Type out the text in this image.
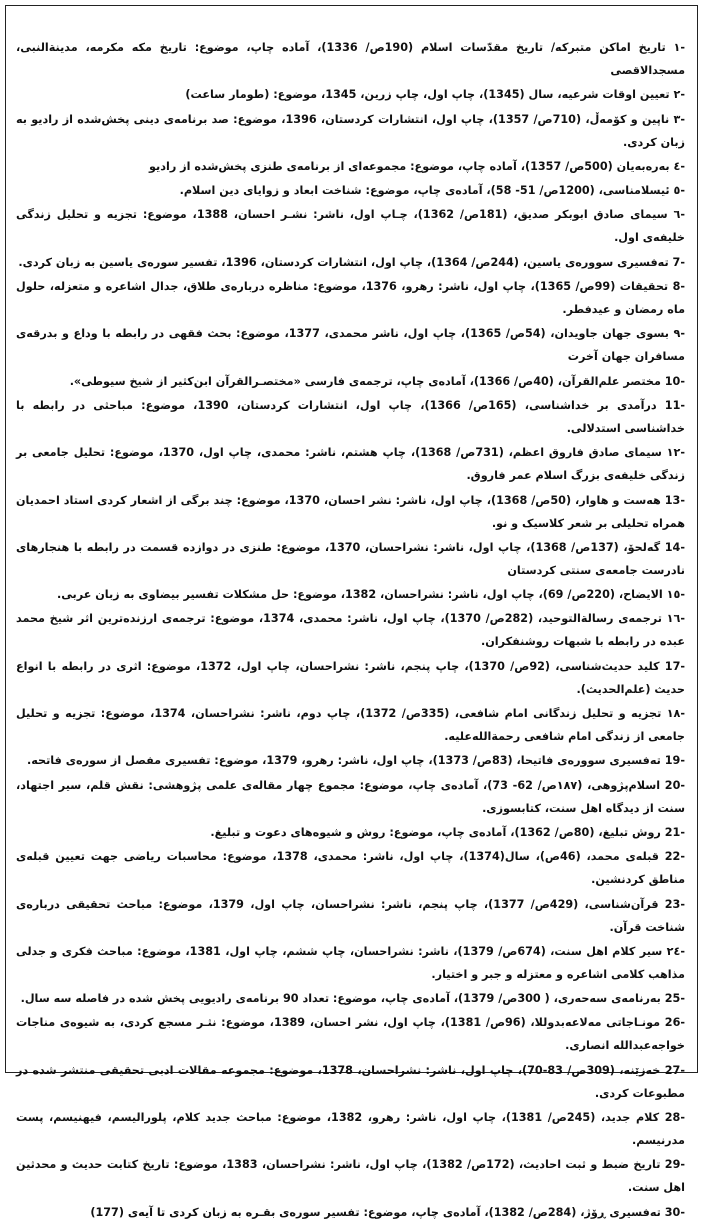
-١ تاریخ اماکن متبرکه/ تاریخ مقدّسات اسلام (190ص/ 1336)، آماده چاپ، موضوع: تاریخ مکه مکرمه، مدینةالنبی، مسجدالاقصی

-٢ تعیین اوقات شرعیه، سال (1345)، چاپ اول، چاپ زرین، 1345، موضوع: (طومار ساعت)

-٣ ناپین و کۆمەڵ، (710ص/ 1357)، چاپ اول، انتشارات کردستان، 1396، موضوع: صد برنامه‌ی دینی پخش‌شده از رادیو به زبان کردی.

-٤ بەرەبەیان (500ص/ 1357)، آماده چاپ، موضوع: مجموعه‌ای از برنامه‌ی طنزی پخش‌شده از رادیو

-٥ ئیسلامناسی، (1200ص/ 51- 58)، آماده‌ی چاپ، موضوع: شناخت ابعاد و زوایای دین اسلام.

-٦ سیمای صادق ابوبکر صدیق، (181ص/ 1362)، چـاپ اول، ناشر: نشـر احسان، 1388، موضوع: تجزیه و تحلیل زندگی خلیفه‌ی اول.

-7 تەفسیری سوورەی یاسین، (244ص/ 1364)، چاپ اول، انتشارات کردستان، 1396، تفسیر سوره‌ی یاسین به زبان کردی.

-8 تحقیقات (99ص/ 1365)، چاپ اول، ناشر: رهرو، 1376، موضوع: مناظره درباره‌ی طلاق، جدال اشاعره و متعزله، حلول ماه رمضان و عیدفطر.

-٩ بسوی جهان جاویدان، (54ص/ 1365)، چاپ اول، ناشر محمدی، 1377، موضوع: بحث فقهی در رابطه با وداع و بدرقه‌ی مسافران جهان آخرت

-10 مختصر علم‌القرآن، (40ص/ 1366)، آماده‌ی چاپ، ترجمه‌ی فارسی «مختصـرالقرآن ابن‌کثیر از شیخ سیوطی».

-11 درآمدی بر خداشناسی، (165ص/ 1366)، چاپ اول، انتشارات کردستان، 1390، موضوع: مباحثی در رابطه با خداشناسی استدلالی.

-١٢ سیمای صادق فاروق اعظم، (731ص/ 1368)، چاپ هشتم، ناشر: محمدی، چاپ اول، 1370، موضوع: تحلیل جامعی بر زندگی خلیفه‌ی بزرگ اسلام عمر فاروق.

-13 هەست و هاوار، (50ص/ 1368)، چاپ اول، ناشر: نشر احسان، 1370، موضوع: چند برگی از اشعار کردی استاد احمدیان همراه تحلیلی بر شعر کلاسیک و نو.

-14 گەلحۆ، (137ص/ 1368)، چاپ اول، ناشر: نشراحسان، 1370، موضوع: طنزی در دوازده قسمت در رابطه با هنجارهای نادرست جامعه‌ی سنتی کردستان

-١٥ الایضاح، (220ص/ 69)، چاپ اول، ناشر: نشراحسان، 1382، موضوع: حل مشکلات تفسیر بیضاوی به زبان عربی.

-١٦ ترجمه‌ی رسالةالتوحید، (282ص/ 1370)، چاپ اول، ناشر: محمدی، 1374، موضوع: ترجمه‌ی ارزنده‌ترین اثر شیخ محمد عبده در رابطه با شبهات روشنفکران.

-17 کلید حدیث‌شناسی، (92ص/ 1370)، چاپ پنجم، ناشر: نشراحسان، چاپ اول، 1372، موضوع: اثری در رابطه با انواع حدیث (علم‌الحدیث).

-١٨ تجزیه و تحلیل زندگانی امام شافعی، (335ص/ 1372)، چاپ دوم، ناشر: نشراحسان، 1374، موضوع: تجزیه و تحلیل جامعی از زندگی امام شافعی رحمةالله‌علیه.

-19 تەفسیری سوورەی فاتیحا، (83ص/ 1373)، چاپ اول، ناشر: رهرو، 1379، موضوع: تفسیری مفصل از سوره‌ی فاتحه.

-20 اسلام‌پژوهی، (١٨٧ص/ 62- 73)، آماده‌ی چاپ، موضوع: مجموع چهار مقاله‌ی علمی پژوهشی: نقش قلم، سیر اجتهاد، سنت از دیدگاه اهل سنت، کتابسوزی.

-21 روش تبلیغ، (80ص/ 1362)، آماده‌ی چاپ، موضوع: روش و شیوه‌های دعوت و تبلیغ.

-22 قبله‌ی محمد، (46ص)، سال(1374)، چاپ اول، ناشر: محمدی، 1378، موضوع: محاسبات ریاضی جهت تعیین قبله‌ی مناطق کردنشین.

-23 قرآن‌شناسی، (429ص/ 1377)، چاپ پنجم، ناشر: نشراحسان، چاپ اول، 1379، موضوع: مباحث تحقیقی درباره‌ی شناخت قرآن.

-٢٤ سیر کلام اهل سنت، (674ص/ 1379)، ناشر: نشراحسان، چاپ ششم، چاپ اول، 1381، موضوع: مباحث فکری و جدلی مذاهب کلامی اشاعره و معتزله و جبر و اختیار.

-25 بەرنامەی سەحەری، ( 300ص/ 1379)، آماده‌ی چاپ، موضوع: تعداد 90 برنامه‌ی رادیویی پخش شده در فاصله سه سال.

-26 مونـاجاتی مەلاعەبدوللا، (96ص/ 1381)، چاپ اول، نشر احسان، 1389، موضوع: نثـر مسجع کردی، به شیوه‌ی مناجات خواجه‌عبدالله انصاری.

-27 خەزێنە، (309ص/ 83-70)، چاپ اول، ناشر: نشراحسان، 1378، موضوع: مجموعه مقالات ادبی تحقیقی منتشر شده در مطبوعات کردی.

-28 کلام جدید، (245ص/ 1381)، چاپ اول، ناشر: رهرو، 1382، موضوع: مباحث جدید کلام، پلورالیسم، فیهنیسم، پست مدرنیسم.

-29 تاریخ ضبط و ثبت احادیث، (172ص/ 1382)، چاپ اول، ناشر: نشراحسان، 1383، موضوع: تاریخ کتابت حدیث و محدثین اهل سنت.

-30 تەفسیری ڕۆژ، (284ص/ 1382)، آماده‌ی چاپ، موضوع: تفسیر سوره‌ی بقـره به زبان کردی تا آیه‌ی (177)
